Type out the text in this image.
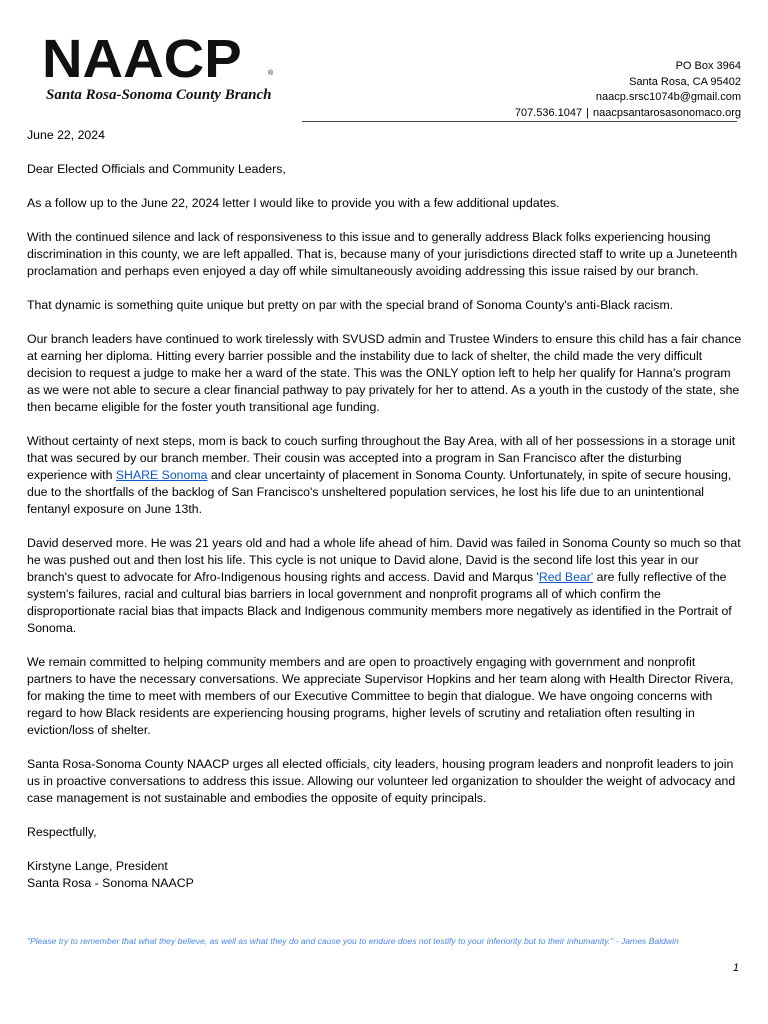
NAACP	®
Santa Rosa-Sonoma County Branch
PO Box 3964
Santa Rosa, CA 95402
naacp.srsc1074b@gmail.com
707.536.1047 | naacpsantarosasonomaco.org

June 22, 2024

Dear Elected Officials and Community Leaders,

As a follow up to the June 22, 2024 letter I would like to provide you with a few additional updates.

With the continued silence and lack of responsiveness to this issue and to generally address Black folks experiencing housing discrimination in this county, we are left appalled. That is, because many of your jurisdictions directed staff to write up a Juneteenth proclamation and perhaps even enjoyed a day off while simultaneously avoiding addressing this issue raised by our branch.

That dynamic is something quite unique but pretty on par with the special brand of Sonoma County's anti-Black racism.

Our branch leaders have continued to work tirelessly with SVUSD admin and Trustee Winders to ensure this child has a fair chance at earning her diploma. Hitting every barrier possible and the instability due to lack of shelter, the child made the very difficult decision to request a judge to make her a ward of the state. This was the ONLY option left to help her qualify for Hanna's program as we were not able to secure a clear financial pathway to pay privately for her to attend. As a youth in the custody of the state, she then became eligible for the foster youth transitional age funding.

Without certainty of next steps, mom is back to couch surfing throughout the Bay Area, with all of her possessions in a storage unit that was secured by our branch member. Their cousin was accepted into a program in San Francisco after the disturbing experience with SHARE Sonoma and clear uncertainty of placement in Sonoma County. Unfortunately, in spite of secure housing, due to the shortfalls of the backlog of San Francisco's unsheltered population services, he lost his life due to an unintentional fentanyl exposure on June 13th.

David deserved more. He was 21 years old and had a whole life ahead of him. David was failed in Sonoma County so much so that he was pushed out and then lost his life. This cycle is not unique to David alone, David is the second life lost this year in our branch's quest to advocate for Afro-Indigenous housing rights and access. David and Marqus 'Red Bear' are fully reflective of the system's failures, racial and cultural bias barriers in local government and nonprofit programs all of which confirm the disproportionate racial bias that impacts Black and Indigenous community members more negatively as identified in the Portrait of Sonoma.

We remain committed to helping community members and are open to proactively engaging with government and nonprofit partners to have the necessary conversations. We appreciate Supervisor Hopkins and her team along with Health Director Rivera, for making the time to meet with members of our Executive Committee to begin that dialogue. We have ongoing concerns with regard to how Black residents are experiencing housing programs, higher levels of scrutiny and retaliation often resulting in eviction/loss of shelter.

Santa Rosa-Sonoma County NAACP urges all elected officials, city leaders, housing program leaders and nonprofit leaders to join us in proactive conversations to address this issue. Allowing our volunteer led organization to shoulder the weight of advocacy and case management is not sustainable and embodies the opposite of equity principals.

Respectfully,

Kirstyne Lange, President

Santa Rosa - Sonoma NAACP

"Please try to remember that what they believe, as well as what they do and cause you to endure does not testify to your inferiority but to their inhumanity." - James Baldwin
1
